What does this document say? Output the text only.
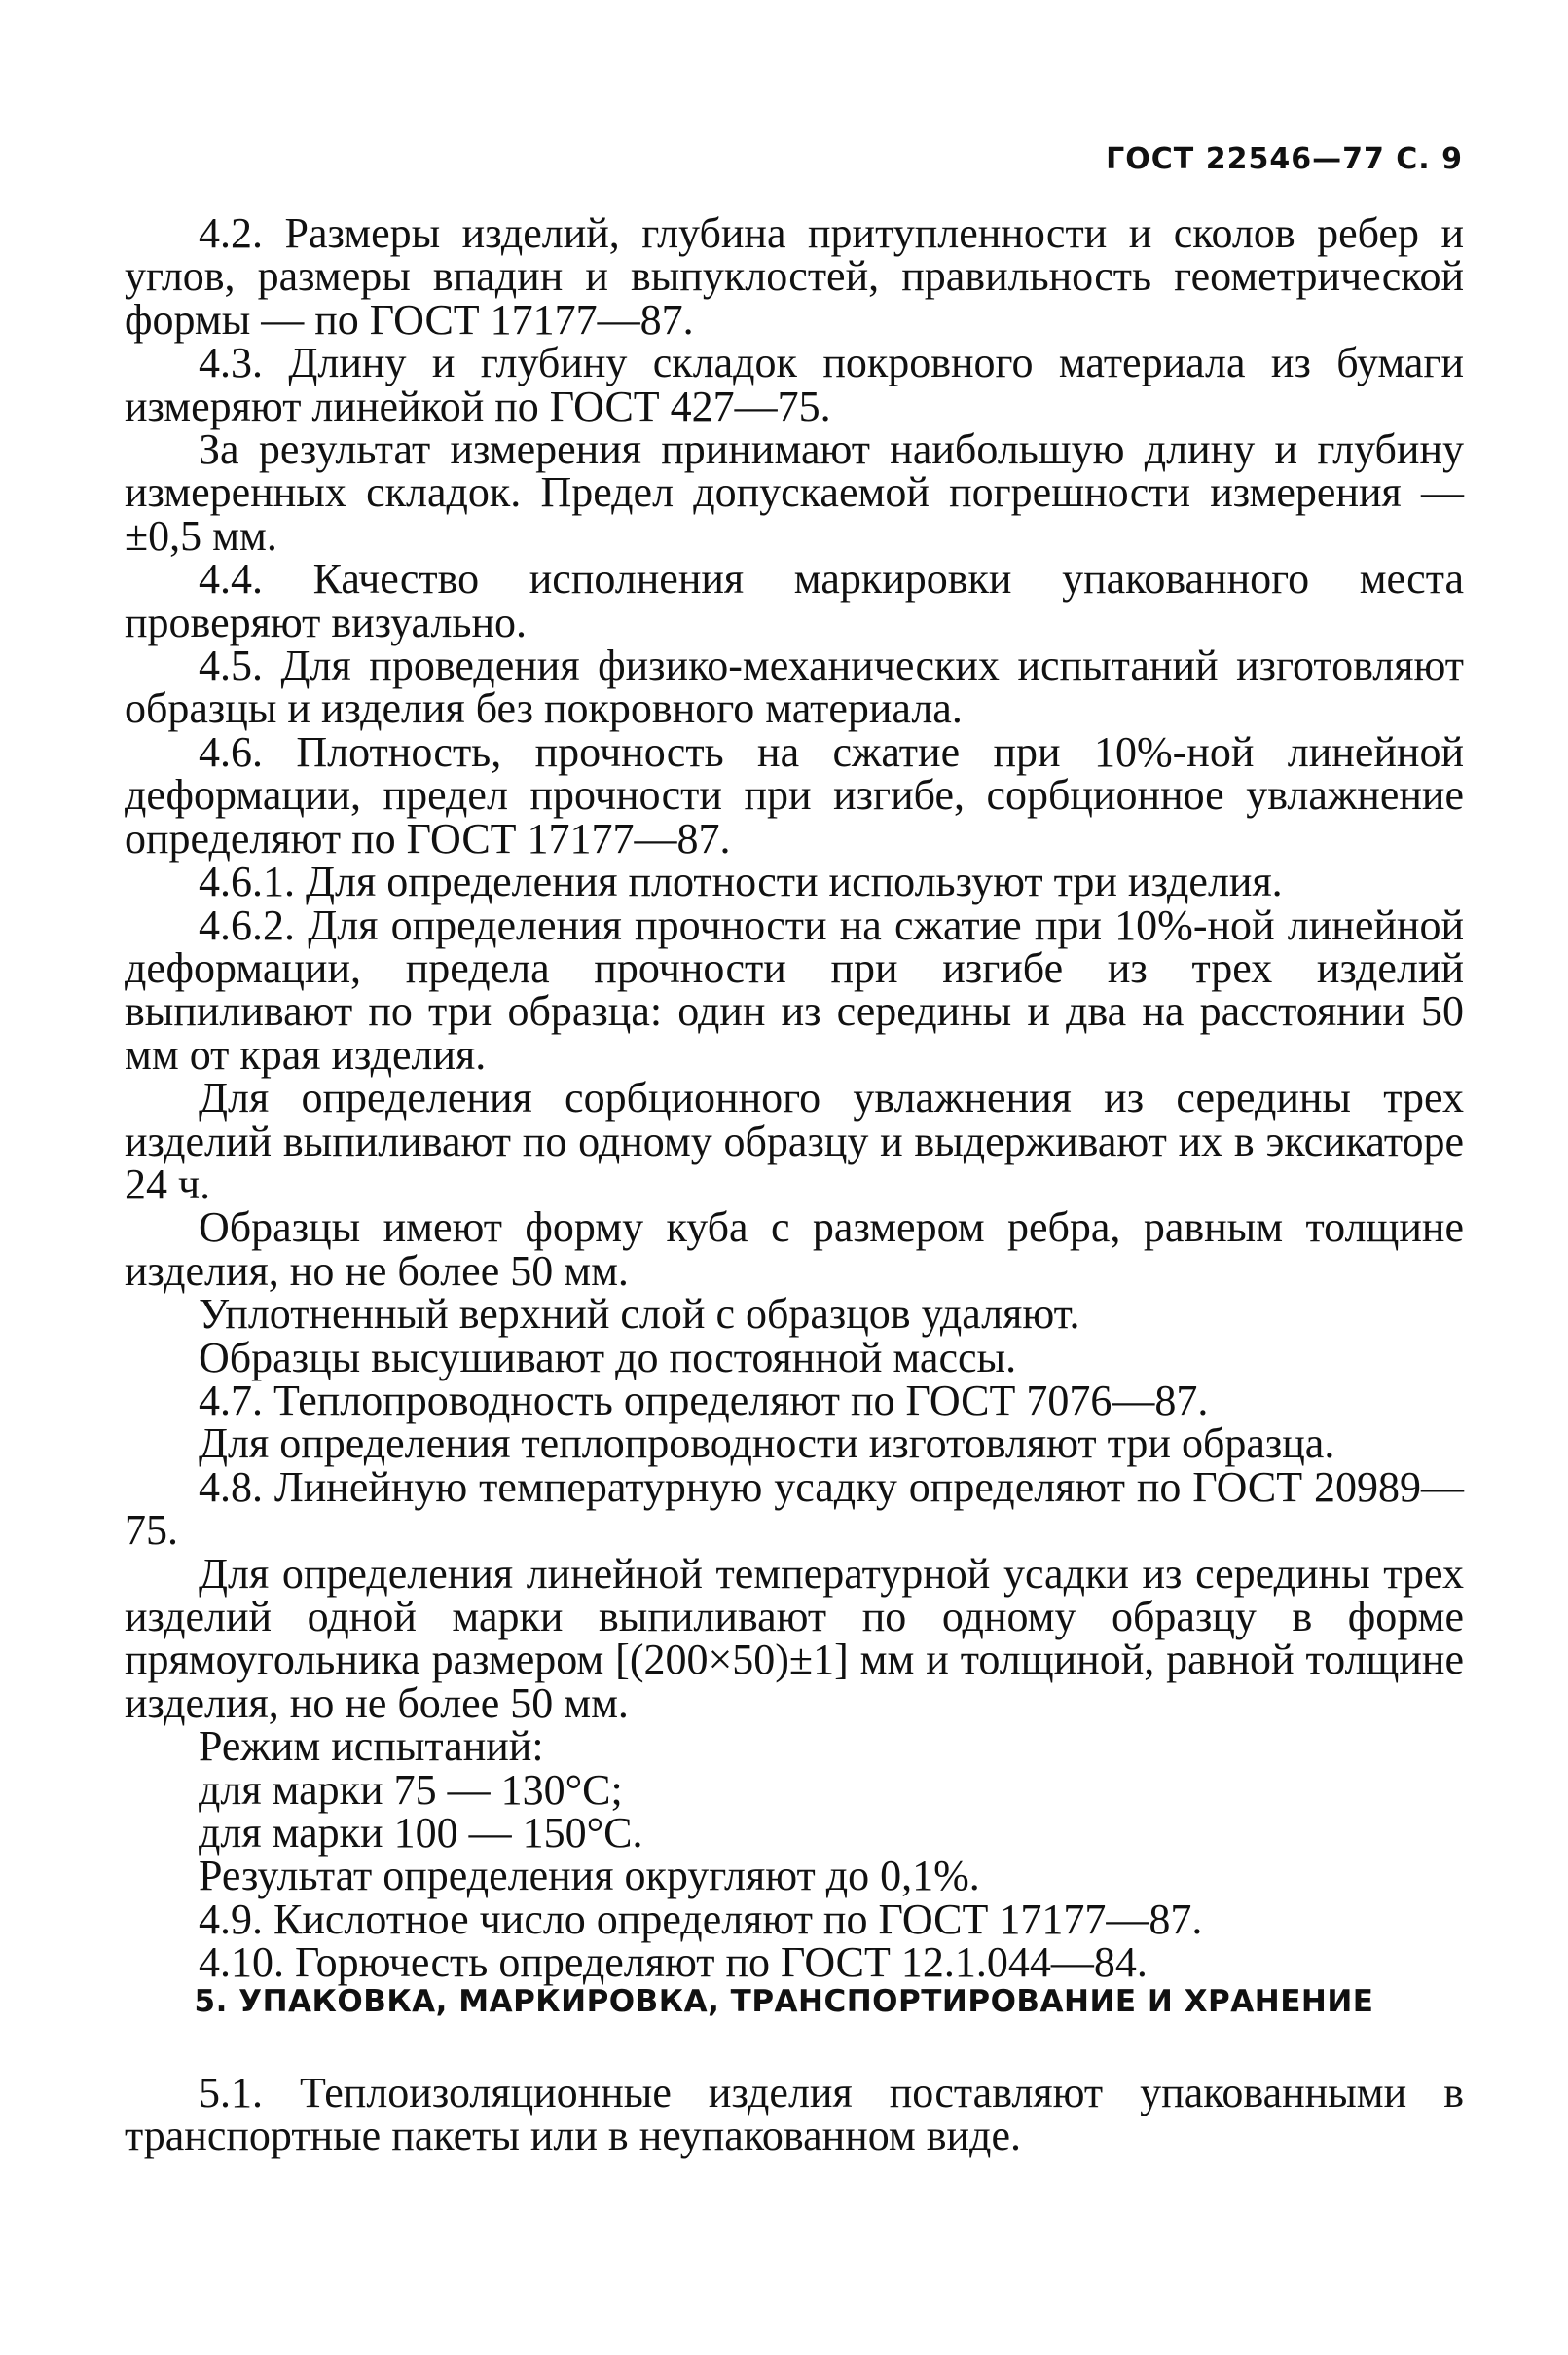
ГОСТ 22546—77 С. 9

4.2. Размеры изделий, глубина притупленности и сколов ребер и углов, размеры впадин и выпуклостей, правильность геометрической формы — по ГОСТ 17177—87.

4.3. Длину и глубину складок покровного материала из бумаги измеряют линейкой по ГОСТ 427—75.

За результат измерения принимают наибольшую длину и глубину измеренных складок. Предел допускаемой погрешности измерения — ±0,5 мм.

4.4. Качество исполнения маркировки упакованного места проверяют визуально.

4.5. Для проведения физико-механических испытаний изготовляют образцы и изделия без покровного материала.

4.6. Плотность, прочность на сжатие при 10%-ной линейной деформации, предел прочности при изгибе, сорбционное увлажнение определяют по ГОСТ 17177—87.

4.6.1. Для определения плотности используют три изделия.

4.6.2. Для определения прочности на сжатие при 10%-ной линейной деформации, предела прочности при изгибе из трех изделий выпиливают по три образца: один из середины и два на расстоянии 50 мм от края изделия.

Для определения сорбционного увлажнения из середины трех изделий выпиливают по одному образцу и выдерживают их в эксикаторе 24 ч.

Образцы имеют форму куба с размером ребра, равным толщине изделия, но не более 50 мм.

Уплотненный верхний слой с образцов удаляют.

Образцы высушивают до постоянной массы.

4.7. Теплопроводность определяют по ГОСТ 7076—87.

Для определения теплопроводности изготовляют три образца.

4.8. Линейную температурную усадку определяют по ГОСТ 20989—75.

Для определения линейной температурной усадки из середины трех изделий одной марки выпиливают по одному образцу в форме прямоугольника размером [(200×50)±1] мм и толщиной, равной толщине изделия, но не более 50 мм.

Режим испытаний:

для марки 75 — 130°С;

для марки 100 — 150°С.

Результат определения округляют до 0,1%.

4.9. Кислотное число определяют по ГОСТ 17177—87.

4.10. Горючесть определяют по ГОСТ 12.1.044—84.

5. УПАКОВКА, МАРКИРОВКА, ТРАНСПОРТИРОВАНИЕ И ХРАНЕНИЕ

5.1. Теплоизоляционные изделия поставляют упакованными в транспортные пакеты или в неупакованном виде.
